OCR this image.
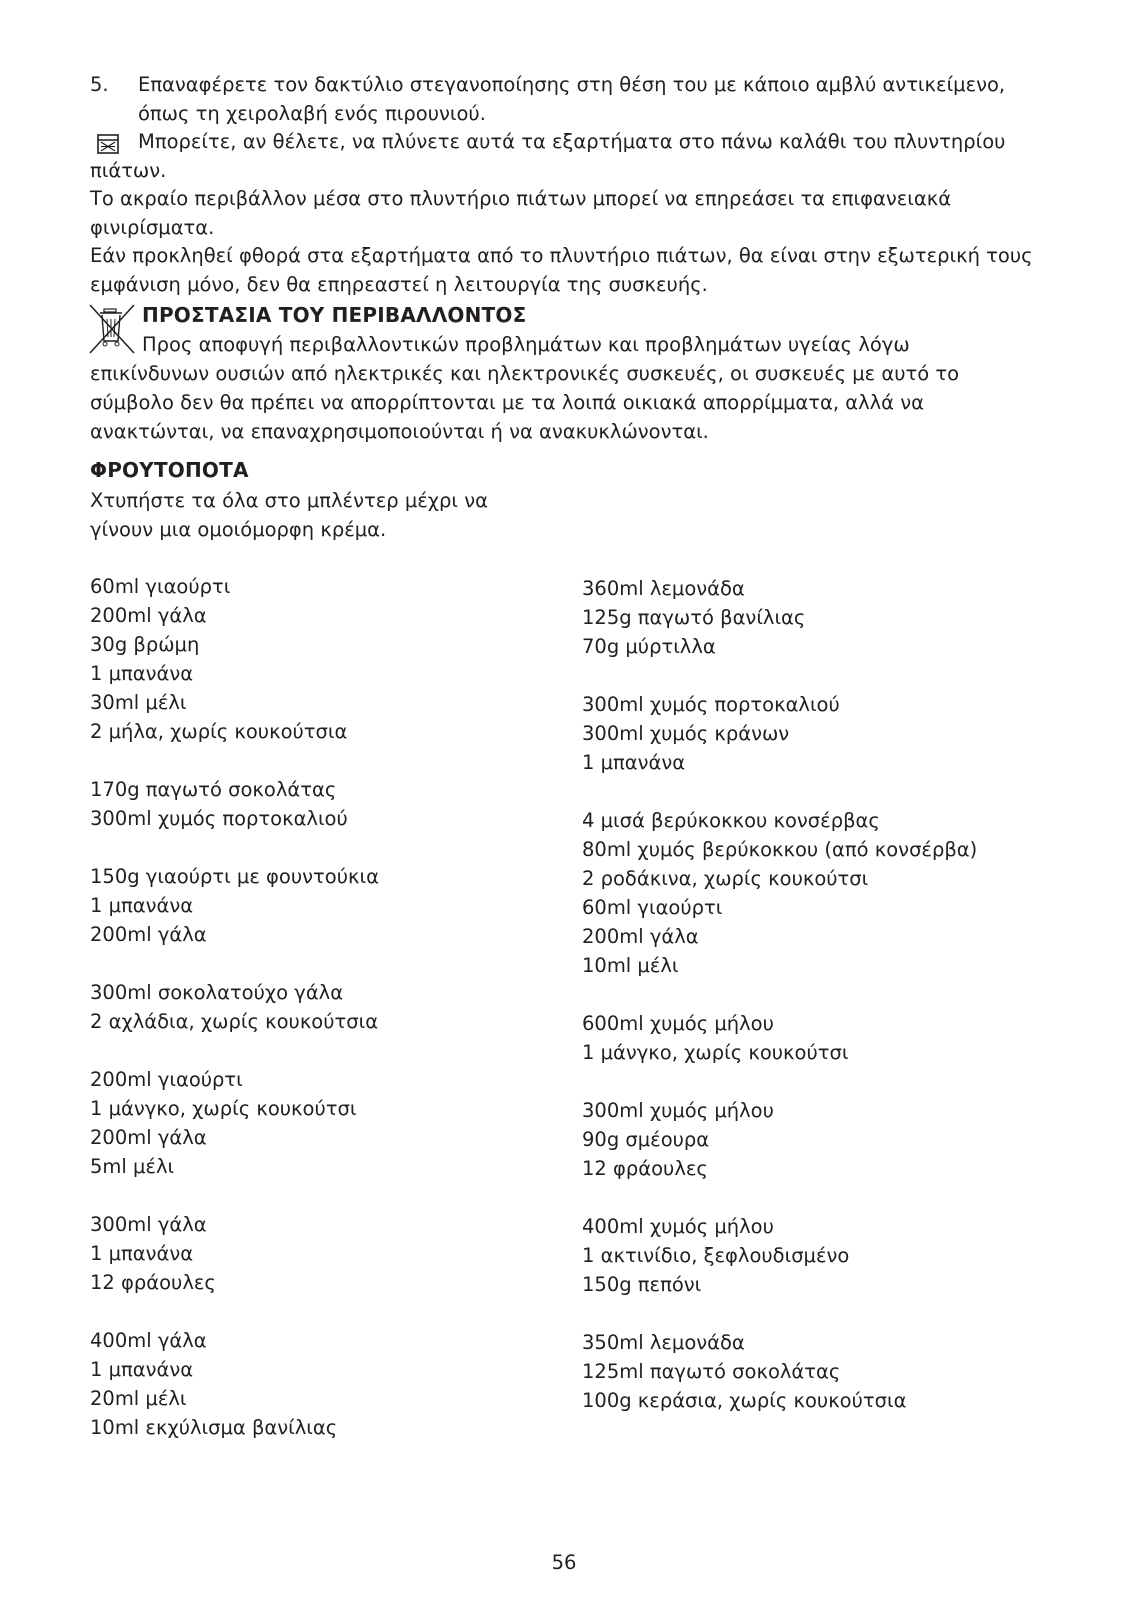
5. Επαναφέρετε τον δακτύλιο στεγανοποίησης στη θέση του με κάποιο αμβλύ αντικείμενο,
όπως τη χειρολαβή ενός πιρουνιού.
Μπορείτε, αν θέλετε, να πλύνετε αυτά τα εξαρτήματα στο πάνω καλάθι του πλυντηρίου
πιάτων.
Το ακραίο περιβάλλον μέσα στο πλυντήριο πιάτων μπορεί να επηρεάσει τα επιφανειακά
φινιρίσματα.
Εάν προκληθεί φθορά στα εξαρτήματα από το πλυντήριο πιάτων, θα είναι στην εξωτερική τους
εμφάνιση μόνο, δεν θα επηρεαστεί η λειτουργία της συσκευής.
ΠΡΟΣΤΑΣΙΑ ΤΟΥ ΠΕΡΙΒΑΛΛΟΝΤΟΣ
Προς αποφυγή περιβαλλοντικών προβλημάτων και προβλημάτων υγείας λόγω
επικίνδυνων ουσιών από ηλεκτρικές και ηλεκτρονικές συσκευές, οι συσκευές με αυτό το
σύμβολο δεν θα πρέπει να απορρίπτονται με τα λοιπά οικιακά απορρίμματα, αλλά να
ανακτώνται, να επαναχρησιμοποιούνται ή να ανακυκλώνονται.
ΦΡΟΥΤΟΠΟΤΑ
Χτυπήστε τα όλα στο μπλέντερ μέχρι να
γίνουν μια ομοιόμορφη κρέμα.
60ml γιαούρτι
200ml γάλα
30g βρώμη
1 μπανάνα
30ml μέλι
2 μήλα, χωρίς κουκούτσια
170g παγωτό σοκολάτας
300ml χυμός πορτοκαλιού
150g γιαούρτι με φουντούκια
1 μπανάνα
200ml γάλα
300ml σοκολατούχο γάλα
2 αχλάδια, χωρίς κουκούτσια
200ml γιαούρτι
1 μάνγκο, χωρίς κουκούτσι
200ml γάλα
5ml μέλι
300ml γάλα
1 μπανάνα
12 φράουλες
400ml γάλα
1 μπανάνα
20ml μέλι
10ml εκχύλισμα βανίλιας
360ml λεμονάδα
125g παγωτό βανίλιας
70g μύρτιλλα
300ml χυμός πορτοκαλιού
300ml χυμός κράνων
1 μπανάνα
4 μισά βερύκοκκου κονσέρβας
80ml χυμός βερύκοκκου (από κονσέρβα)
2 ροδάκινα, χωρίς κουκούτσι
60ml γιαούρτι
200ml γάλα
10ml μέλι
600ml χυμός μήλου
1 μάνγκο, χωρίς κουκούτσι
300ml χυμός μήλου
90g σμέουρα
12 φράουλες
400ml χυμός μήλου
1 ακτινίδιο, ξεφλουδισμένο
150g πεπόνι
350ml λεμονάδα
125ml παγωτό σοκολάτας
100g κεράσια, χωρίς κουκούτσια
56
